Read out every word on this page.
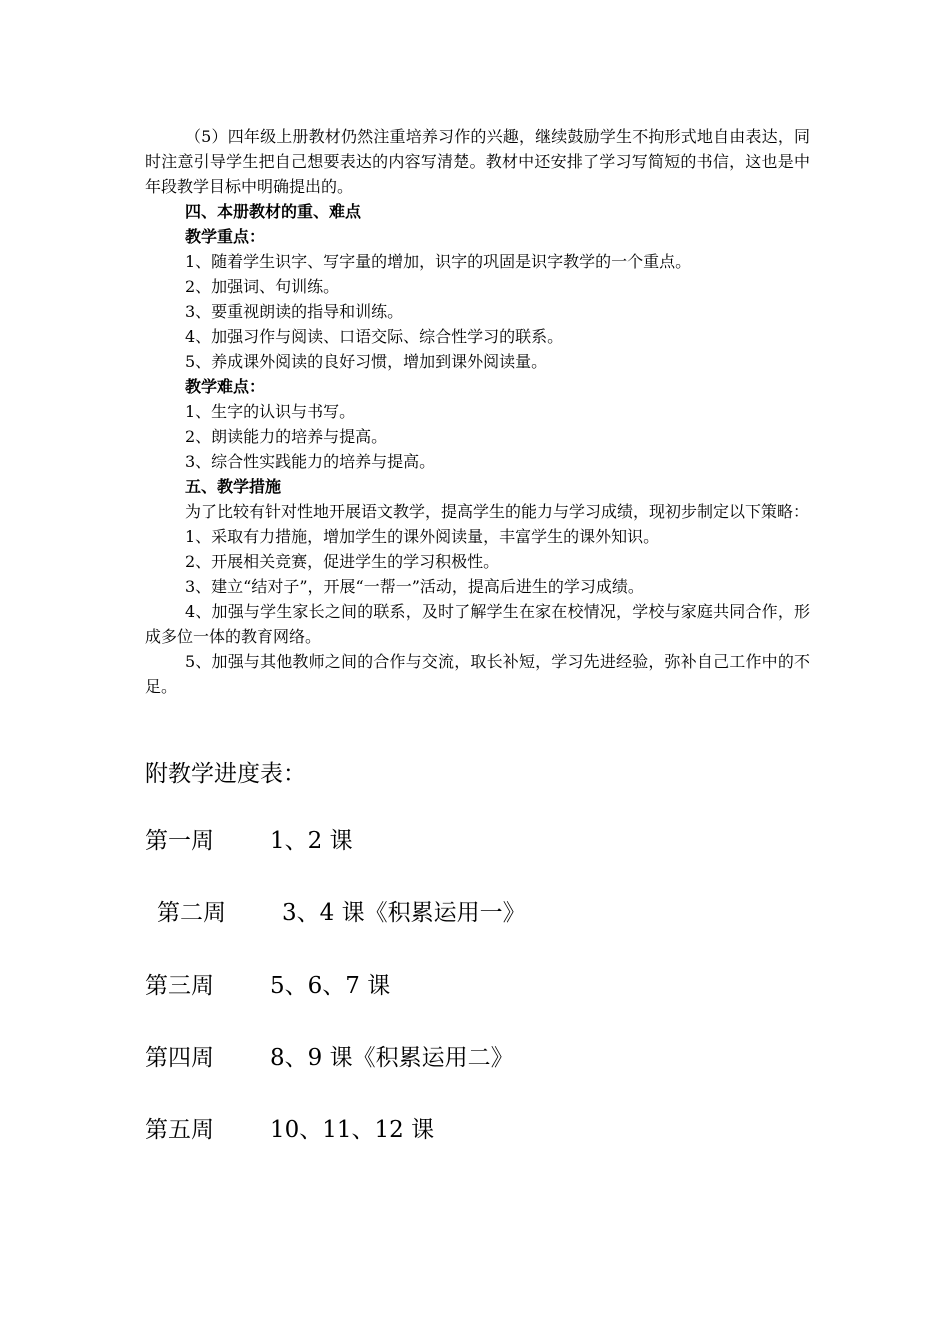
（5）四年级上册教材仍然注重培养习作的兴趣，继续鼓励学生不拘形式地自由表达，同时注意引导学生把自己想要表达的内容写清楚。教材中还安排了学习写简短的书信，这也是中年段教学目标中明确提出的。

四、本册教材的重、难点

教学重点：

1、随着学生识字、写字量的增加，识字的巩固是识字教学的一个重点。

2、加强词、句训练。

3、要重视朗读的指导和训练。

4、加强习作与阅读、口语交际、综合性学习的联系。

5、养成课外阅读的良好习惯，增加到课外阅读量。

教学难点：

1、生字的认识与书写。

2、朗读能力的培养与提高。

3、综合性实践能力的培养与提高。

五、教学措施

为了比较有针对性地开展语文教学，提高学生的能力与学习成绩，现初步制定以下策略：

1、采取有力措施，增加学生的课外阅读量，丰富学生的课外知识。

2、开展相关竞赛，促进学生的学习积极性。

3、建立“结对子”，开展“一帮一”活动，提高后进生的学习成绩。

4、加强与学生家长之间的联系，及时了解学生在家在校情况，学校与家庭共同合作，形成多位一体的教育网络。

5、加强与其他教师之间的合作与交流，取长补短，学习先进经验，弥补自己工作中的不足。

附教学进度表：
第一周 1、2 课
第二周 3、4 课《积累运用一》
第三周 5、6、7 课
第四周 8、9 课《积累运用二》
第五周 10、11、12 课
